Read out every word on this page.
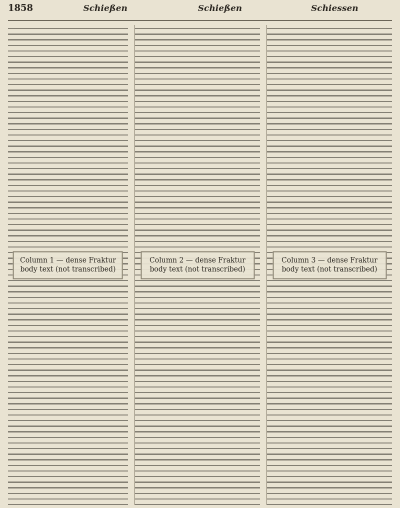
1858	Schießen	Schießen	Schiessen
Column 1 — dense Fraktur body text (not transcribed)
Column 2 — dense Fraktur body text (not transcribed)
Column 3 — dense Fraktur body text (not transcribed)
